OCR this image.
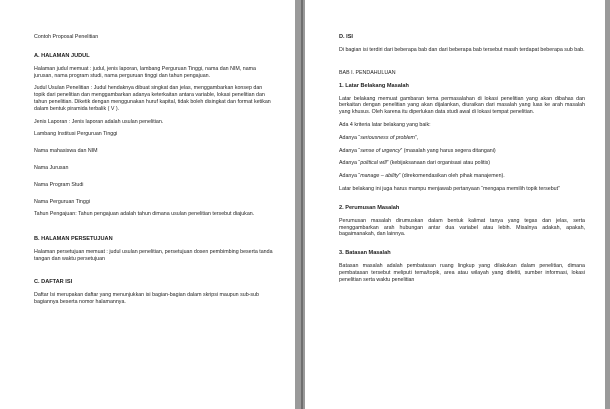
Contoh Proposal Penelitian

A. HALAMAN JUDUL

Halaman judul memuat : judul, jenis laporan, lambang Perguruan Tinggi, nama dan NIM, nama jurusan, nama program studi, nama perguruan tinggi dan tahun pengajuan.

Judul Usulan Penelitian : Judul hendaknya dibuat singkat dan jelas, menggambarkan konsep dan topik dari penelitian dan menggambarkan adanya keterkaitan antara variable, lokasi penelitian dan tahun penelitian. Diketik dengan menggunakan huruf kapital, tidak boleh disingkat dan format ketikan dalam bentuk piramida terbalik ( V ).

Jenis Laporan : Jenis laporan adalah usulan penelitian.

Lambang Institusi Perguruan Tinggi

Nama mahasiswa dan NIM

Nama Jurusan

Nama Program Studi

Nama Perguruan Tinggi

Tahun Pengajuan: Tahun pengajuan adalah tahun dimana usulan penelitian tersebut diajukan.

B. HALAMAN PERSETUJUAN

Halaman persetujuan memuat : judul usulan penelitian, persetujuan dosen pembimbing beserta tanda tangan dan waktu persetujuan

C. DAFTAR ISI

Daftar Isi merupakan daftar yang menunjukkan isi bagian-bagian dalam skripsi maupun sub-sub bagiannya beserta nomor halamannya.

D. ISI

Di bagian isi terdiri dari beberapa bab dan dari beberapa bab tersebut masih terdapat beberapa sub bab.

BAB I. PENDAHULUAN

1. Latar Belakang Masalah

Latar belakang memuat gambaran tema permasalahan di lokasi penelitian yang akan dibahas dan berkaitan dengan penelitian yang akan dijalankan, diuraikan dari masalah yang luas ke arah masalah yang khusus. Oleh karena itu diperlukan data studi awal di lokasi tempat penelitian.

Ada 4 kriteria latar belakang yang baik:

Adanya “seriousness of problem”,

Adanya “sense of urgency” (masalah yang harus segera ditangani)

Adanya “political will” (kebijaksanaan dari organisasi atau politis)

Adanya “manage – ability” (direkomendasikan oleh pihak manajemen).

Latar belakang ini juga harus mampu menjawab pertanyaan “mengapa memilih topik tersebut”

2. Perumusan Masalah

Perumusan masalah dirumuskan dalam bentuk kalimat tanya yang tegas dan jelas, serta menggambarkan arah hubungan antar dua variabel atau lebih. Misalnya adakah, apakah, bagaimanakah, dan lainnya.

3. Batasan Masalah

Batasan masalah adalah pembatasan ruang lingkup yang dilakukan dalam penelitian, dimana pembatasan tersebut meliputi tema/topik, area atau wilayah yang diteliti, sumber informasi, lokasi penelitian serta waktu penelitian
